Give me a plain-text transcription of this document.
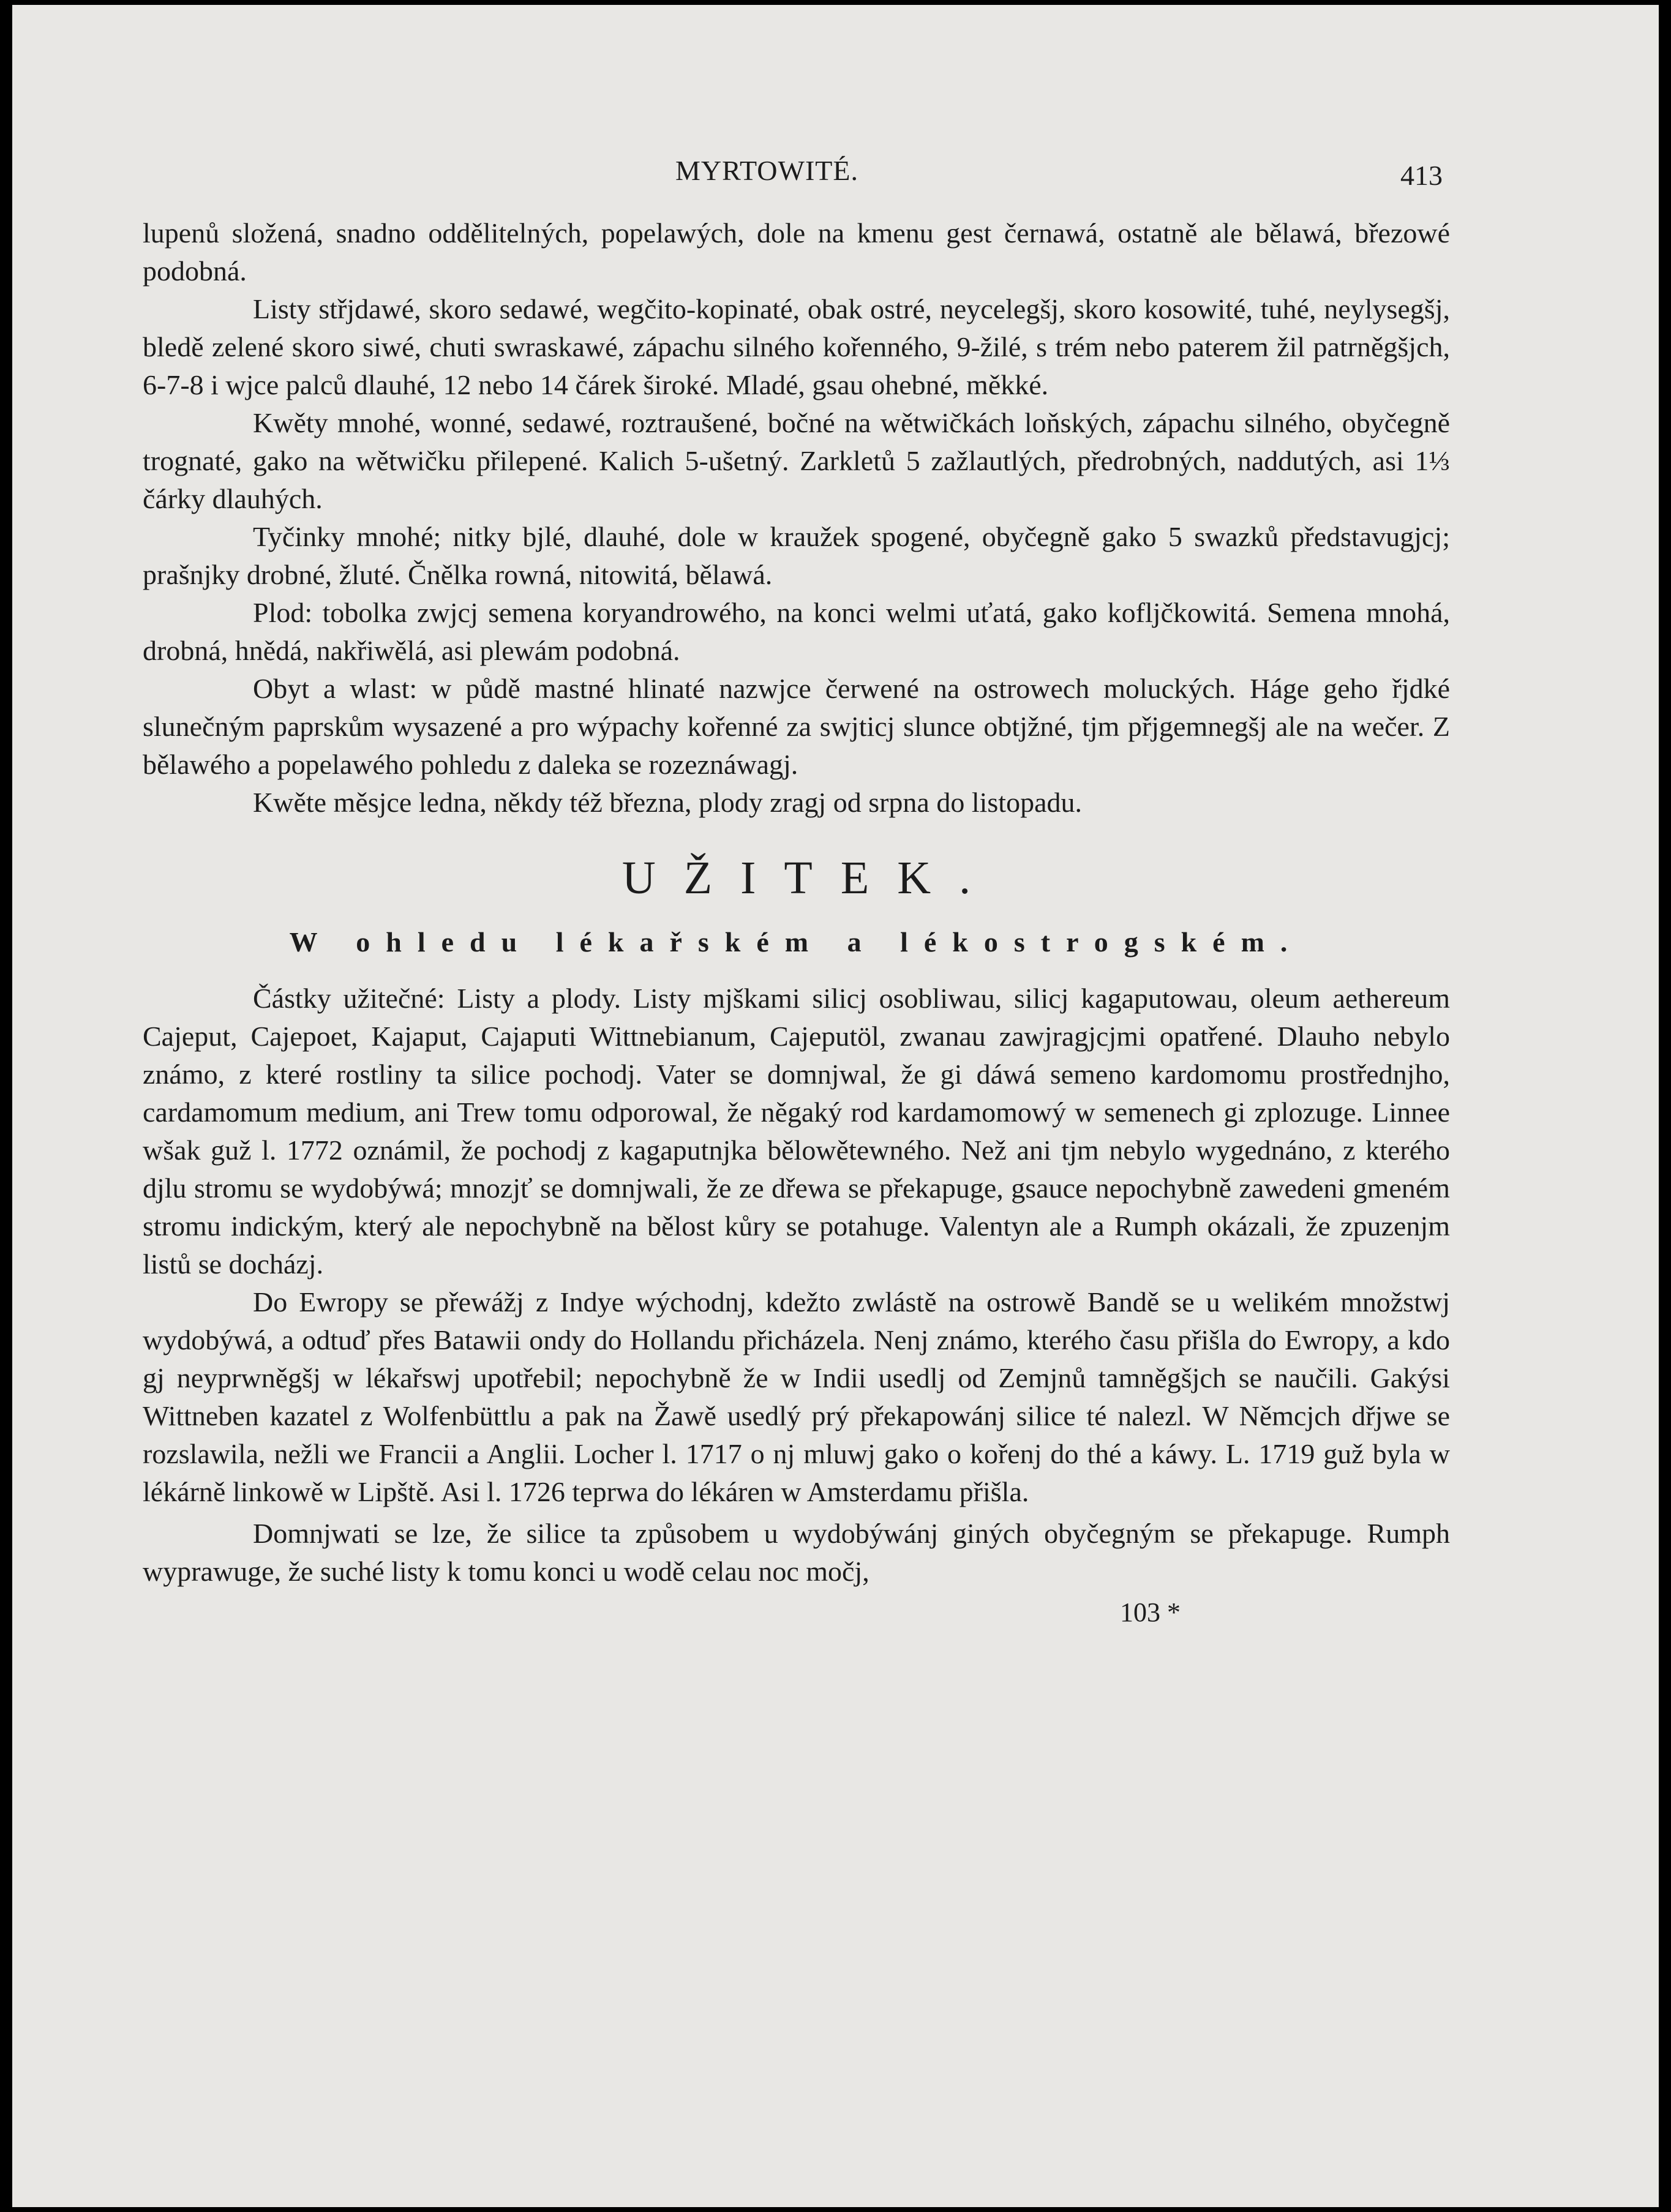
MYRTOWITÉ.	413

lupenů složená, snadno oddělitelných, popelawých, dole na kmenu gest černawá, ostatně ale bělawá, březowé podobná.

Listy střjdawé, skoro sedawé, wegčito-kopinaté, obak ostré, neycelegšj, skoro kosowité, tuhé, neylysegšj, bledě zelené skoro siwé, chuti swraskawé, zápachu silného kořenného, 9-žilé, s trém nebo paterem žil patrněgšjch, 6-7-8 i wjce palců dlauhé, 12 nebo 14 čárek široké. Mladé, gsau ohebné, měkké.

Kwěty mnohé, wonné, sedawé, roztraušené, bočné na wětwičkách loňských, zápachu silného, obyčegně trognaté, gako na wětwičku přilepené. Kalich 5-ušetný. Zarkletů 5 zažlautlých, předrobných, naddutých, asi 1⅓ čárky dlauhých.

Tyčinky mnohé; nitky bjlé, dlauhé, dole w kraužek spogené, obyčegně gako 5 swazků představugjcj; prašnjky drobné, žluté. Čnělka rowná, nitowitá, bělawá.

Plod: tobolka zwjcj semena koryandrowého, na konci welmi uťatá, gako kofljčkowitá. Semena mnohá, drobná, hnědá, nakřiwělá, asi plewám podobná.

Obyt a wlast: w půdě mastné hlinaté nazwjce čerwené na ostrowech moluckých. Háge geho řjdké slunečným paprskům wysazené a pro wýpachy kořenné za swjticj slunce obtjžné, tjm přjgemnegšj ale na wečer. Z bělawého a popelawého pohledu z daleka se rozeznáwagj.

Kwěte měsjce ledna, někdy též března, plody zragj od srpna do listopadu.

UŽITEK.
W ohledu lékařském a lékostrogském.

Částky užitečné: Listy a plody. Listy mjškami silicj osobliwau, silicj kagaputowau, oleum aethereum Cajeput, Cajepoet, Kajaput, Cajaputi Wittnebianum, Cajeputöl, zwanau zawjragjcjmi opatřené. Dlauho nebylo známo, z které rostliny ta silice pochodj. Vater se domnjwal, že gi dáwá semeno kardomomu prostřednjho, cardamomum medium, ani Trew tomu odporowal, že něgaký rod kardamomowý w semenech gi zplozuge. Linnee wšak guž l. 1772 oznámil, že pochodj z kagaputnjka bělowětewného. Než ani tjm nebylo wygednáno, z kterého djlu stromu se wydobýwá; mnozjť se domnjwali, že ze dřewa se překapuge, gsauce nepochybně zawedeni gmeném stromu indickým, který ale nepochybně na bělost kůry se potahuge. Valentyn ale a Rumph okázali, že zpuzenjm listů se docházj.

Do Ewropy se přewážj z Indye wýchodnj, kdežto zwlástě na ostrowě Bandě se u welikém množstwj wydobýwá, a odtuď přes Batawii ondy do Hollandu přicházela. Nenj známo, kterého času přišla do Ewropy, a kdo gj neyprwněgšj w lékařswj upotřebil; nepochybně že w Indii usedlj od Zemjnů tamněgšjch se naučili. Gakýsi Wittneben kazatel z Wolfenbüttlu a pak na Žawě usedlý prý překapowánj silice té nalezl. W Němcjch dřjwe se rozslawila, nežli we Francii a Anglii. Locher l. 1717 o nj mluwj gako o kořenj do thé a káwy. L. 1719 guž byla w lékárně linkowě w Lipště. Asi l. 1726 teprwa do lékáren w Amsterdamu přišla.

Domnjwati se lze, že silice ta způsobem u wydobýwánj giných obyčegným se překapuge. Rumph wyprawuge, že suché listy k tomu konci u wodě celau noc močj,

103 *
